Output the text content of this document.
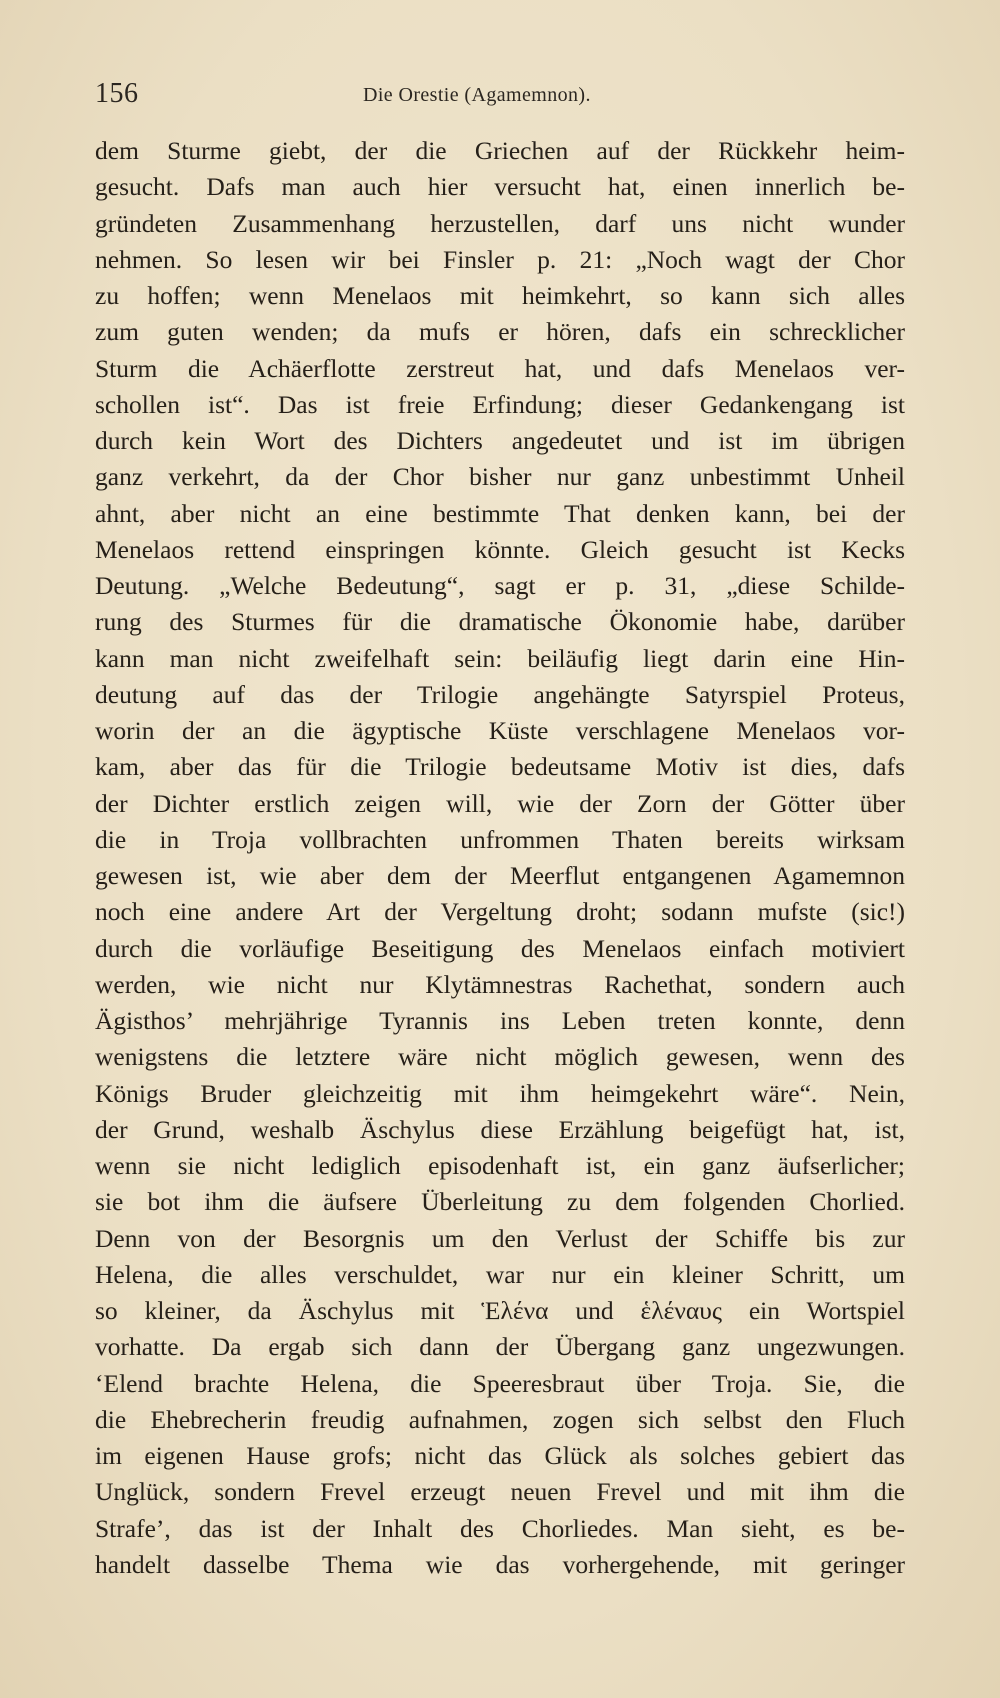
156	Die Orestie (Agamemnon).
dem Sturme giebt, der die Griechen auf der Rückkehr heim-
gesucht. Dafs man auch hier versucht hat, einen innerlich be-
gründeten Zusammenhang herzustellen, darf uns nicht wunder
nehmen. So lesen wir bei Finsler p. 21: „Noch wagt der Chor
zu hoffen; wenn Menelaos mit heimkehrt, so kann sich alles
zum guten wenden; da mufs er hören, dafs ein schrecklicher
Sturm die Achäerflotte zerstreut hat, und dafs Menelaos ver-
schollen ist“. Das ist freie Erfindung; dieser Gedankengang ist
durch kein Wort des Dichters angedeutet und ist im übrigen
ganz verkehrt, da der Chor bisher nur ganz unbestimmt Unheil
ahnt, aber nicht an eine bestimmte That denken kann, bei der
Menelaos rettend einspringen könnte. Gleich gesucht ist Kecks
Deutung. „Welche Bedeutung“, sagt er p. 31, „diese Schilde-
rung des Sturmes für die dramatische Ökonomie habe, darüber
kann man nicht zweifelhaft sein: beiläufig liegt darin eine Hin-
deutung auf das der Trilogie angehängte Satyrspiel Proteus,
worin der an die ägyptische Küste verschlagene Menelaos vor-
kam, aber das für die Trilogie bedeutsame Motiv ist dies, dafs
der Dichter erstlich zeigen will, wie der Zorn der Götter über
die in Troja vollbrachten unfrommen Thaten bereits wirksam
gewesen ist, wie aber dem der Meerflut entgangenen Agamemnon
noch eine andere Art der Vergeltung droht; sodann mufste (sic!)
durch die vorläufige Beseitigung des Menelaos einfach motiviert
werden, wie nicht nur Klytämnestras Rachethat, sondern auch
Ägisthos’ mehrjährige Tyrannis ins Leben treten konnte, denn
wenigstens die letztere wäre nicht möglich gewesen, wenn des
Königs Bruder gleichzeitig mit ihm heimgekehrt wäre“. Nein,
der Grund, weshalb Äschylus diese Erzählung beigefügt hat, ist,
wenn sie nicht lediglich episodenhaft ist, ein ganz äufserlicher;
sie bot ihm die äufsere Überleitung zu dem folgenden Chorlied.
Denn von der Besorgnis um den Verlust der Schiffe bis zur
Helena, die alles verschuldet, war nur ein kleiner Schritt, um
so kleiner, da Äschylus mit Ἑλένα und ἑλέναυς ein Wortspiel
vorhatte. Da ergab sich dann der Übergang ganz ungezwungen.
‘Elend brachte Helena, die Speeresbraut über Troja. Sie, die
die Ehebrecherin freudig aufnahmen, zogen sich selbst den Fluch
im eigenen Hause grofs; nicht das Glück als solches gebiert das
Unglück, sondern Frevel erzeugt neuen Frevel und mit ihm die
Strafe’, das ist der Inhalt des Chorliedes. Man sieht, es be-
handelt dasselbe Thema wie das vorhergehende, mit geringer
